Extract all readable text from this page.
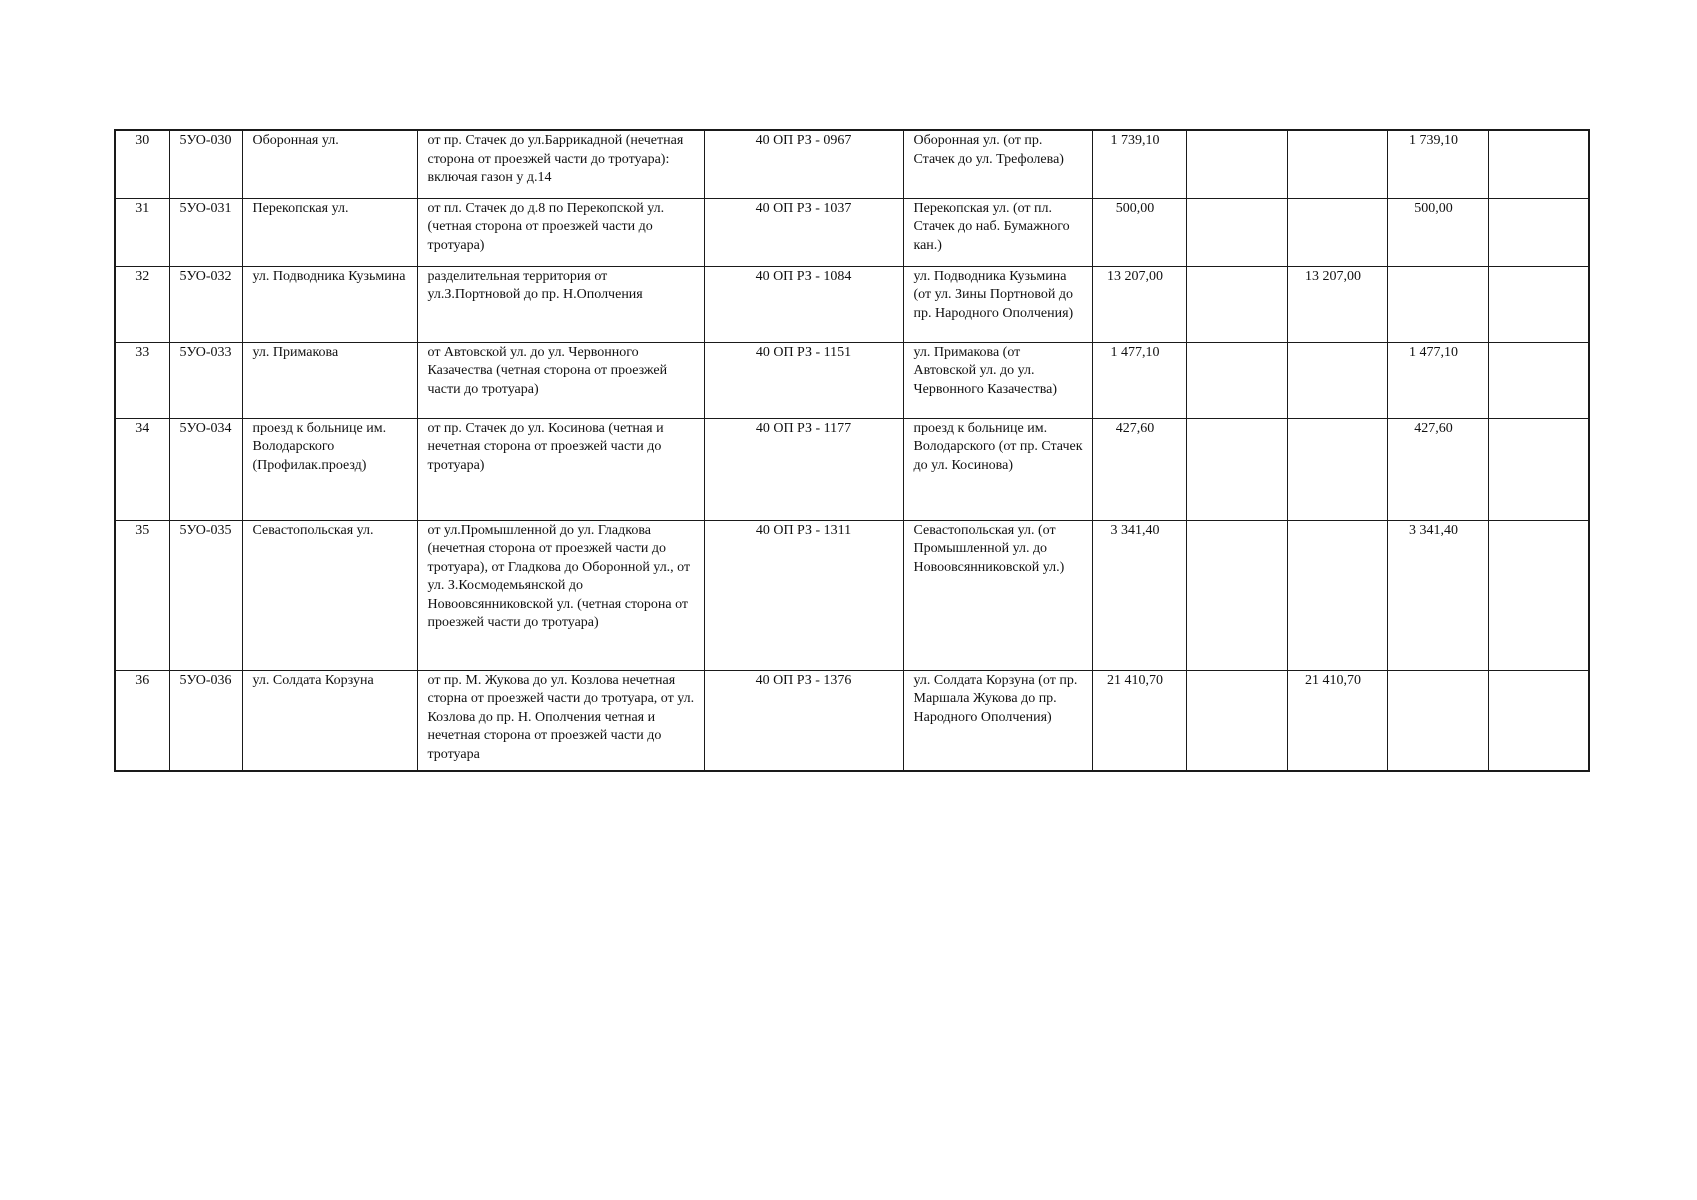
30	5УО-030	Оборонная ул.	от пр. Стачек до ул.Баррикадной (нечетная сторона от проезжей части до тротуара): включая газон у д.14	40 ОП РЗ - 0967	Оборонная ул. (от пр. Стачек до ул. Трефолева)	1 739,10			1 739,10	
31	5УО-031	Перекопская ул.	от пл. Стачек до д.8 по Перекопской ул. (четная сторона от проезжей части до тротуара)	40 ОП РЗ - 1037	Перекопская ул. (от пл. Стачек до наб. Бумажного кан.)	500,00			500,00	
32	5УО-032	ул. Подводника Кузьмина	разделительная территория от ул.З.Портновой до пр. Н.Ополчения	40 ОП РЗ - 1084	ул. Подводника Кузьмина (от ул. Зины Портновой до пр. Народного Ополчения)	13 207,00		13 207,00		
33	5УО-033	ул. Примакова	от Автовской ул. до ул. Червонного Казачества (четная сторона от проезжей части до тротуара)	40 ОП РЗ - 1151	ул. Примакова (от Автовской ул. до ул. Червонного Казачества)	1 477,10			1 477,10	
34	5УО-034	проезд к больнице им. Володарского (Профилак.проезд)	от пр. Стачек до ул. Косинова (четная и нечетная сторона от проезжей части до тротуара)	40 ОП РЗ - 1177	проезд к больнице им. Володарского (от пр. Стачек до ул. Косинова)	427,60			427,60	
35	5УО-035	Севастопольская ул.	от ул.Промышленной до ул. Гладкова (нечетная сторона от проезжей части до тротуара), от Гладкова до Оборонной ул., от ул. З.Космодемьянской до Новоовсянниковской ул. (четная сторона от проезжей части до тротуара)	40 ОП РЗ - 1311	Севастопольская ул. (от Промышленной ул. до Новоовсянниковской ул.)	3 341,40			3 341,40	
36	5УО-036	ул. Солдата Корзуна	от пр. М. Жукова до ул. Козлова нечетная сторна от проезжей части до тротуара, от ул. Козлова до пр. Н. Ополчения четная и нечетная сторона от проезжей части до тротуара	40 ОП РЗ - 1376	ул. Солдата Корзуна (от пр. Маршала Жукова до пр. Народного Ополчения)	21 410,70		21 410,70		
